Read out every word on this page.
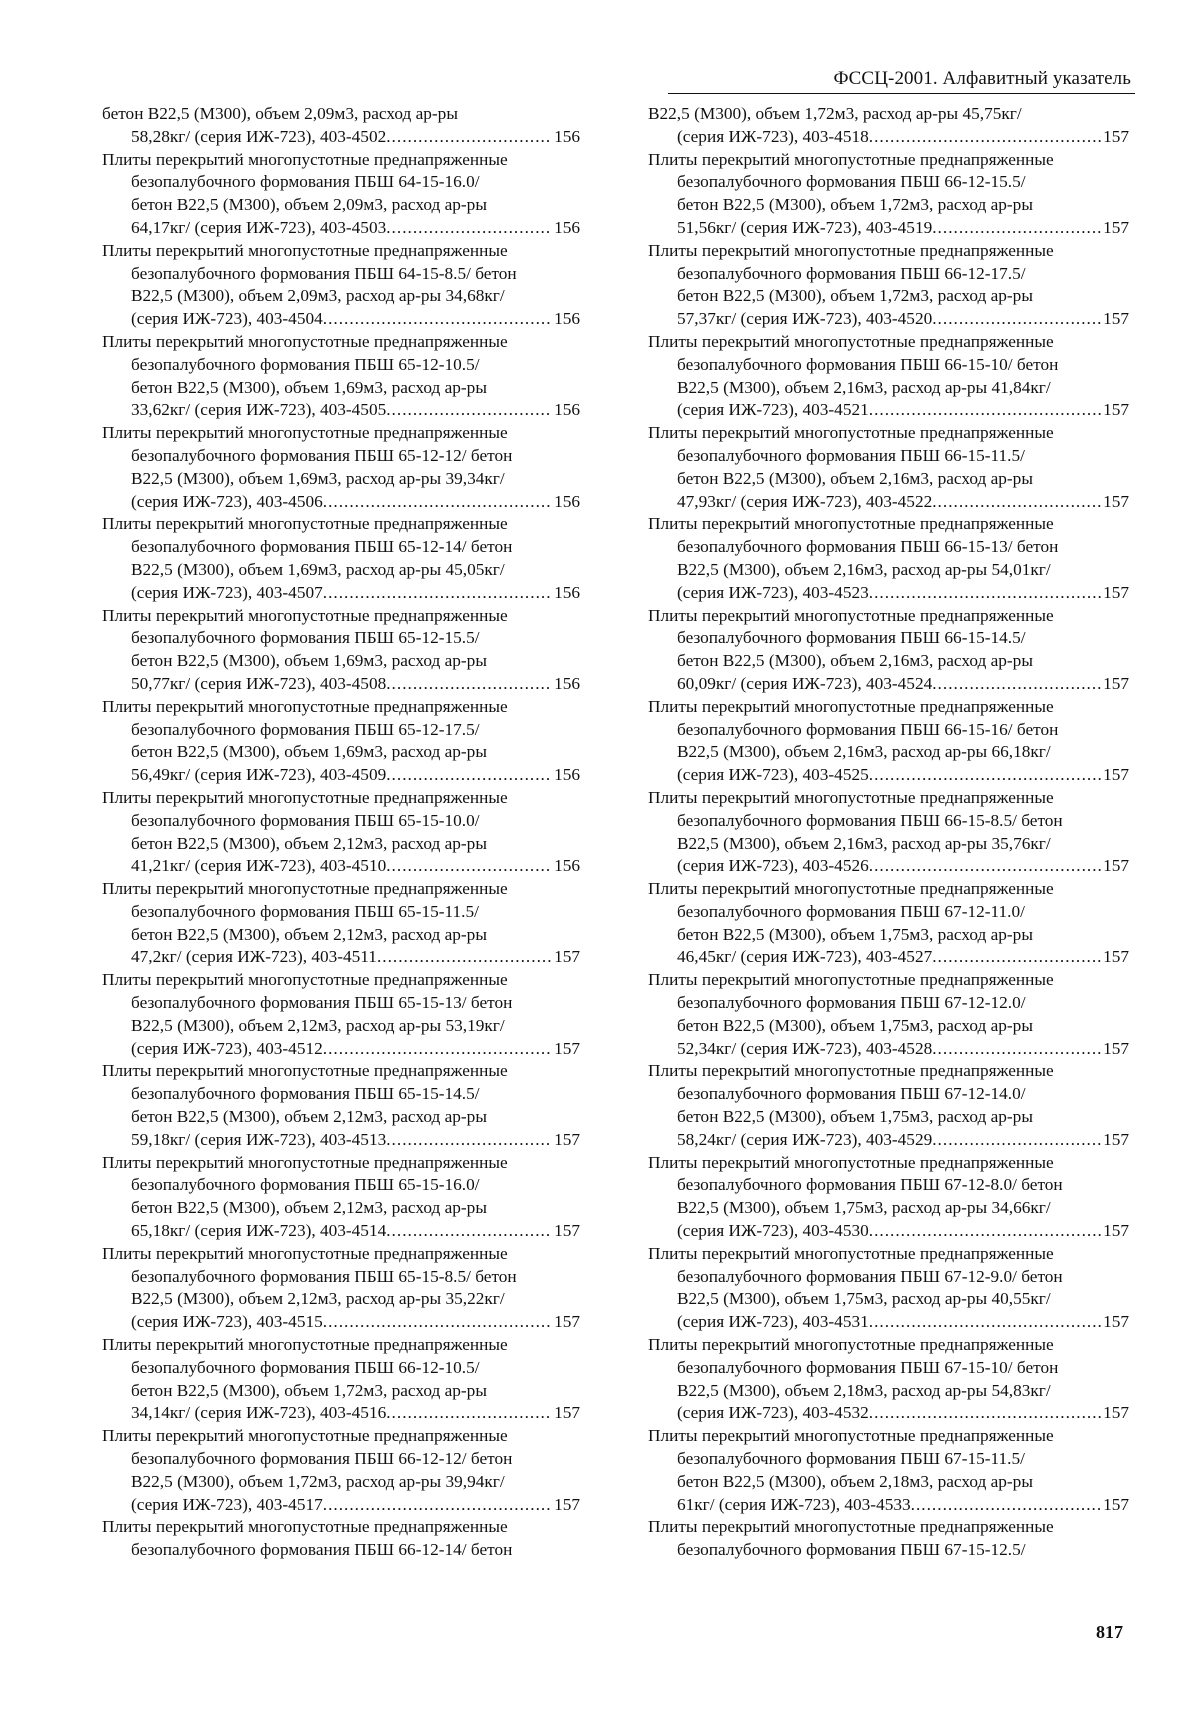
ФССЦ-2001. Алфавитный указатель
бетон В22,5 (М300), объем 2,09м3, расход ар-ры
58,28кг/ (серия ИЖ-723), 403-4502 .....	156
Плиты перекрытий многопустотные преднапряженные
безопалубочного формования ПБШ 64-15-16.0/
бетон В22,5 (М300), объем 2,09м3, расход ар-ры
64,17кг/ (серия ИЖ-723), 403-4503 .....	156
Плиты перекрытий многопустотные преднапряженные
безопалубочного формования ПБШ 64-15-8.5/ бетон
В22,5 (М300), объем 2,09м3, расход ар-ры 34,68кг/
(серия ИЖ-723), 403-4504 .....	156
Плиты перекрытий многопустотные преднапряженные
безопалубочного формования ПБШ 65-12-10.5/
бетон В22,5 (М300), объем 1,69м3, расход ар-ры
33,62кг/ (серия ИЖ-723), 403-4505 .....	156
Плиты перекрытий многопустотные преднапряженные
безопалубочного формования ПБШ 65-12-12/ бетон
В22,5 (М300), объем 1,69м3, расход ар-ры 39,34кг/
(серия ИЖ-723), 403-4506 .....	156
Плиты перекрытий многопустотные преднапряженные
безопалубочного формования ПБШ 65-12-14/ бетон
В22,5 (М300), объем 1,69м3, расход ар-ры 45,05кг/
(серия ИЖ-723), 403-4507 .....	156
Плиты перекрытий многопустотные преднапряженные
безопалубочного формования ПБШ 65-12-15.5/
бетон В22,5 (М300), объем 1,69м3, расход ар-ры
50,77кг/ (серия ИЖ-723), 403-4508 .....	156
Плиты перекрытий многопустотные преднапряженные
безопалубочного формования ПБШ 65-12-17.5/
бетон В22,5 (М300), объем 1,69м3, расход ар-ры
56,49кг/ (серия ИЖ-723), 403-4509 .....	156
Плиты перекрытий многопустотные преднапряженные
безопалубочного формования ПБШ 65-15-10.0/
бетон В22,5 (М300), объем 2,12м3, расход ар-ры
41,21кг/ (серия ИЖ-723), 403-4510 .....	156
Плиты перекрытий многопустотные преднапряженные
безопалубочного формования ПБШ 65-15-11.5/
бетон В22,5 (М300), объем 2,12м3, расход ар-ры
47,2кг/ (серия ИЖ-723), 403-4511 .....	157
Плиты перекрытий многопустотные преднапряженные
безопалубочного формования ПБШ 65-15-13/ бетон
В22,5 (М300), объем 2,12м3, расход ар-ры 53,19кг/
(серия ИЖ-723), 403-4512 .....	157
Плиты перекрытий многопустотные преднапряженные
безопалубочного формования ПБШ 65-15-14.5/
бетон В22,5 (М300), объем 2,12м3, расход ар-ры
59,18кг/ (серия ИЖ-723), 403-4513 .....	157
Плиты перекрытий многопустотные преднапряженные
безопалубочного формования ПБШ 65-15-16.0/
бетон В22,5 (М300), объем 2,12м3, расход ар-ры
65,18кг/ (серия ИЖ-723), 403-4514 .....	157
Плиты перекрытий многопустотные преднапряженные
безопалубочного формования ПБШ 65-15-8.5/ бетон
В22,5 (М300), объем 2,12м3, расход ар-ры 35,22кг/
(серия ИЖ-723), 403-4515 .....	157
Плиты перекрытий многопустотные преднапряженные
безопалубочного формования ПБШ 66-12-10.5/
бетон В22,5 (М300), объем 1,72м3, расход ар-ры
34,14кг/ (серия ИЖ-723), 403-4516 .....	157
Плиты перекрытий многопустотные преднапряженные
безопалубочного формования ПБШ 66-12-12/ бетон
В22,5 (М300), объем 1,72м3, расход ар-ры 39,94кг/
(серия ИЖ-723), 403-4517 .....	157
Плиты перекрытий многопустотные преднапряженные
безопалубочного формования ПБШ 66-12-14/ бетон
В22,5 (М300), объем 1,72м3, расход ар-ры 45,75кг/
(серия ИЖ-723), 403-4518 .....	157
Плиты перекрытий многопустотные преднапряженные
безопалубочного формования ПБШ 66-12-15.5/
бетон В22,5 (М300), объем 1,72м3, расход ар-ры
51,56кг/ (серия ИЖ-723), 403-4519 .....	157
Плиты перекрытий многопустотные преднапряженные
безопалубочного формования ПБШ 66-12-17.5/
бетон В22,5 (М300), объем 1,72м3, расход ар-ры
57,37кг/ (серия ИЖ-723), 403-4520 .....	157
Плиты перекрытий многопустотные преднапряженные
безопалубочного формования ПБШ 66-15-10/ бетон
В22,5 (М300), объем 2,16м3, расход ар-ры 41,84кг/
(серия ИЖ-723), 403-4521 .....	157
Плиты перекрытий многопустотные преднапряженные
безопалубочного формования ПБШ 66-15-11.5/
бетон В22,5 (М300), объем 2,16м3, расход ар-ры
47,93кг/ (серия ИЖ-723), 403-4522 .....	157
Плиты перекрытий многопустотные преднапряженные
безопалубочного формования ПБШ 66-15-13/ бетон
В22,5 (М300), объем 2,16м3, расход ар-ры 54,01кг/
(серия ИЖ-723), 403-4523 .....	157
Плиты перекрытий многопустотные преднапряженные
безопалубочного формования ПБШ 66-15-14.5/
бетон В22,5 (М300), объем 2,16м3, расход ар-ры
60,09кг/ (серия ИЖ-723), 403-4524 .....	157
Плиты перекрытий многопустотные преднапряженные
безопалубочного формования ПБШ 66-15-16/ бетон
В22,5 (М300), объем 2,16м3, расход ар-ры 66,18кг/
(серия ИЖ-723), 403-4525 .....	157
Плиты перекрытий многопустотные преднапряженные
безопалубочного формования ПБШ 66-15-8.5/ бетон
В22,5 (М300), объем 2,16м3, расход ар-ры 35,76кг/
(серия ИЖ-723), 403-4526 .....	157
Плиты перекрытий многопустотные преднапряженные
безопалубочного формования ПБШ 67-12-11.0/
бетон В22,5 (М300), объем 1,75м3, расход ар-ры
46,45кг/ (серия ИЖ-723), 403-4527 .....	157
Плиты перекрытий многопустотные преднапряженные
безопалубочного формования ПБШ 67-12-12.0/
бетон В22,5 (М300), объем 1,75м3, расход ар-ры
52,34кг/ (серия ИЖ-723), 403-4528 .....	157
Плиты перекрытий многопустотные преднапряженные
безопалубочного формования ПБШ 67-12-14.0/
бетон В22,5 (М300), объем 1,75м3, расход ар-ры
58,24кг/ (серия ИЖ-723), 403-4529 .....	157
Плиты перекрытий многопустотные преднапряженные
безопалубочного формования ПБШ 67-12-8.0/ бетон
В22,5 (М300), объем 1,75м3, расход ар-ры 34,66кг/
(серия ИЖ-723), 403-4530 .....	157
Плиты перекрытий многопустотные преднапряженные
безопалубочного формования ПБШ 67-12-9.0/ бетон
В22,5 (М300), объем 1,75м3, расход ар-ры 40,55кг/
(серия ИЖ-723), 403-4531 .....	157
Плиты перекрытий многопустотные преднапряженные
безопалубочного формования ПБШ 67-15-10/ бетон
В22,5 (М300), объем 2,18м3, расход ар-ры 54,83кг/
(серия ИЖ-723), 403-4532 .....	157
Плиты перекрытий многопустотные преднапряженные
безопалубочного формования ПБШ 67-15-11.5/
бетон В22,5 (М300), объем 2,18м3, расход ар-ры
61кг/ (серия ИЖ-723), 403-4533 .....	157
Плиты перекрытий многопустотные преднапряженные
безопалубочного формования ПБШ 67-15-12.5/
817
